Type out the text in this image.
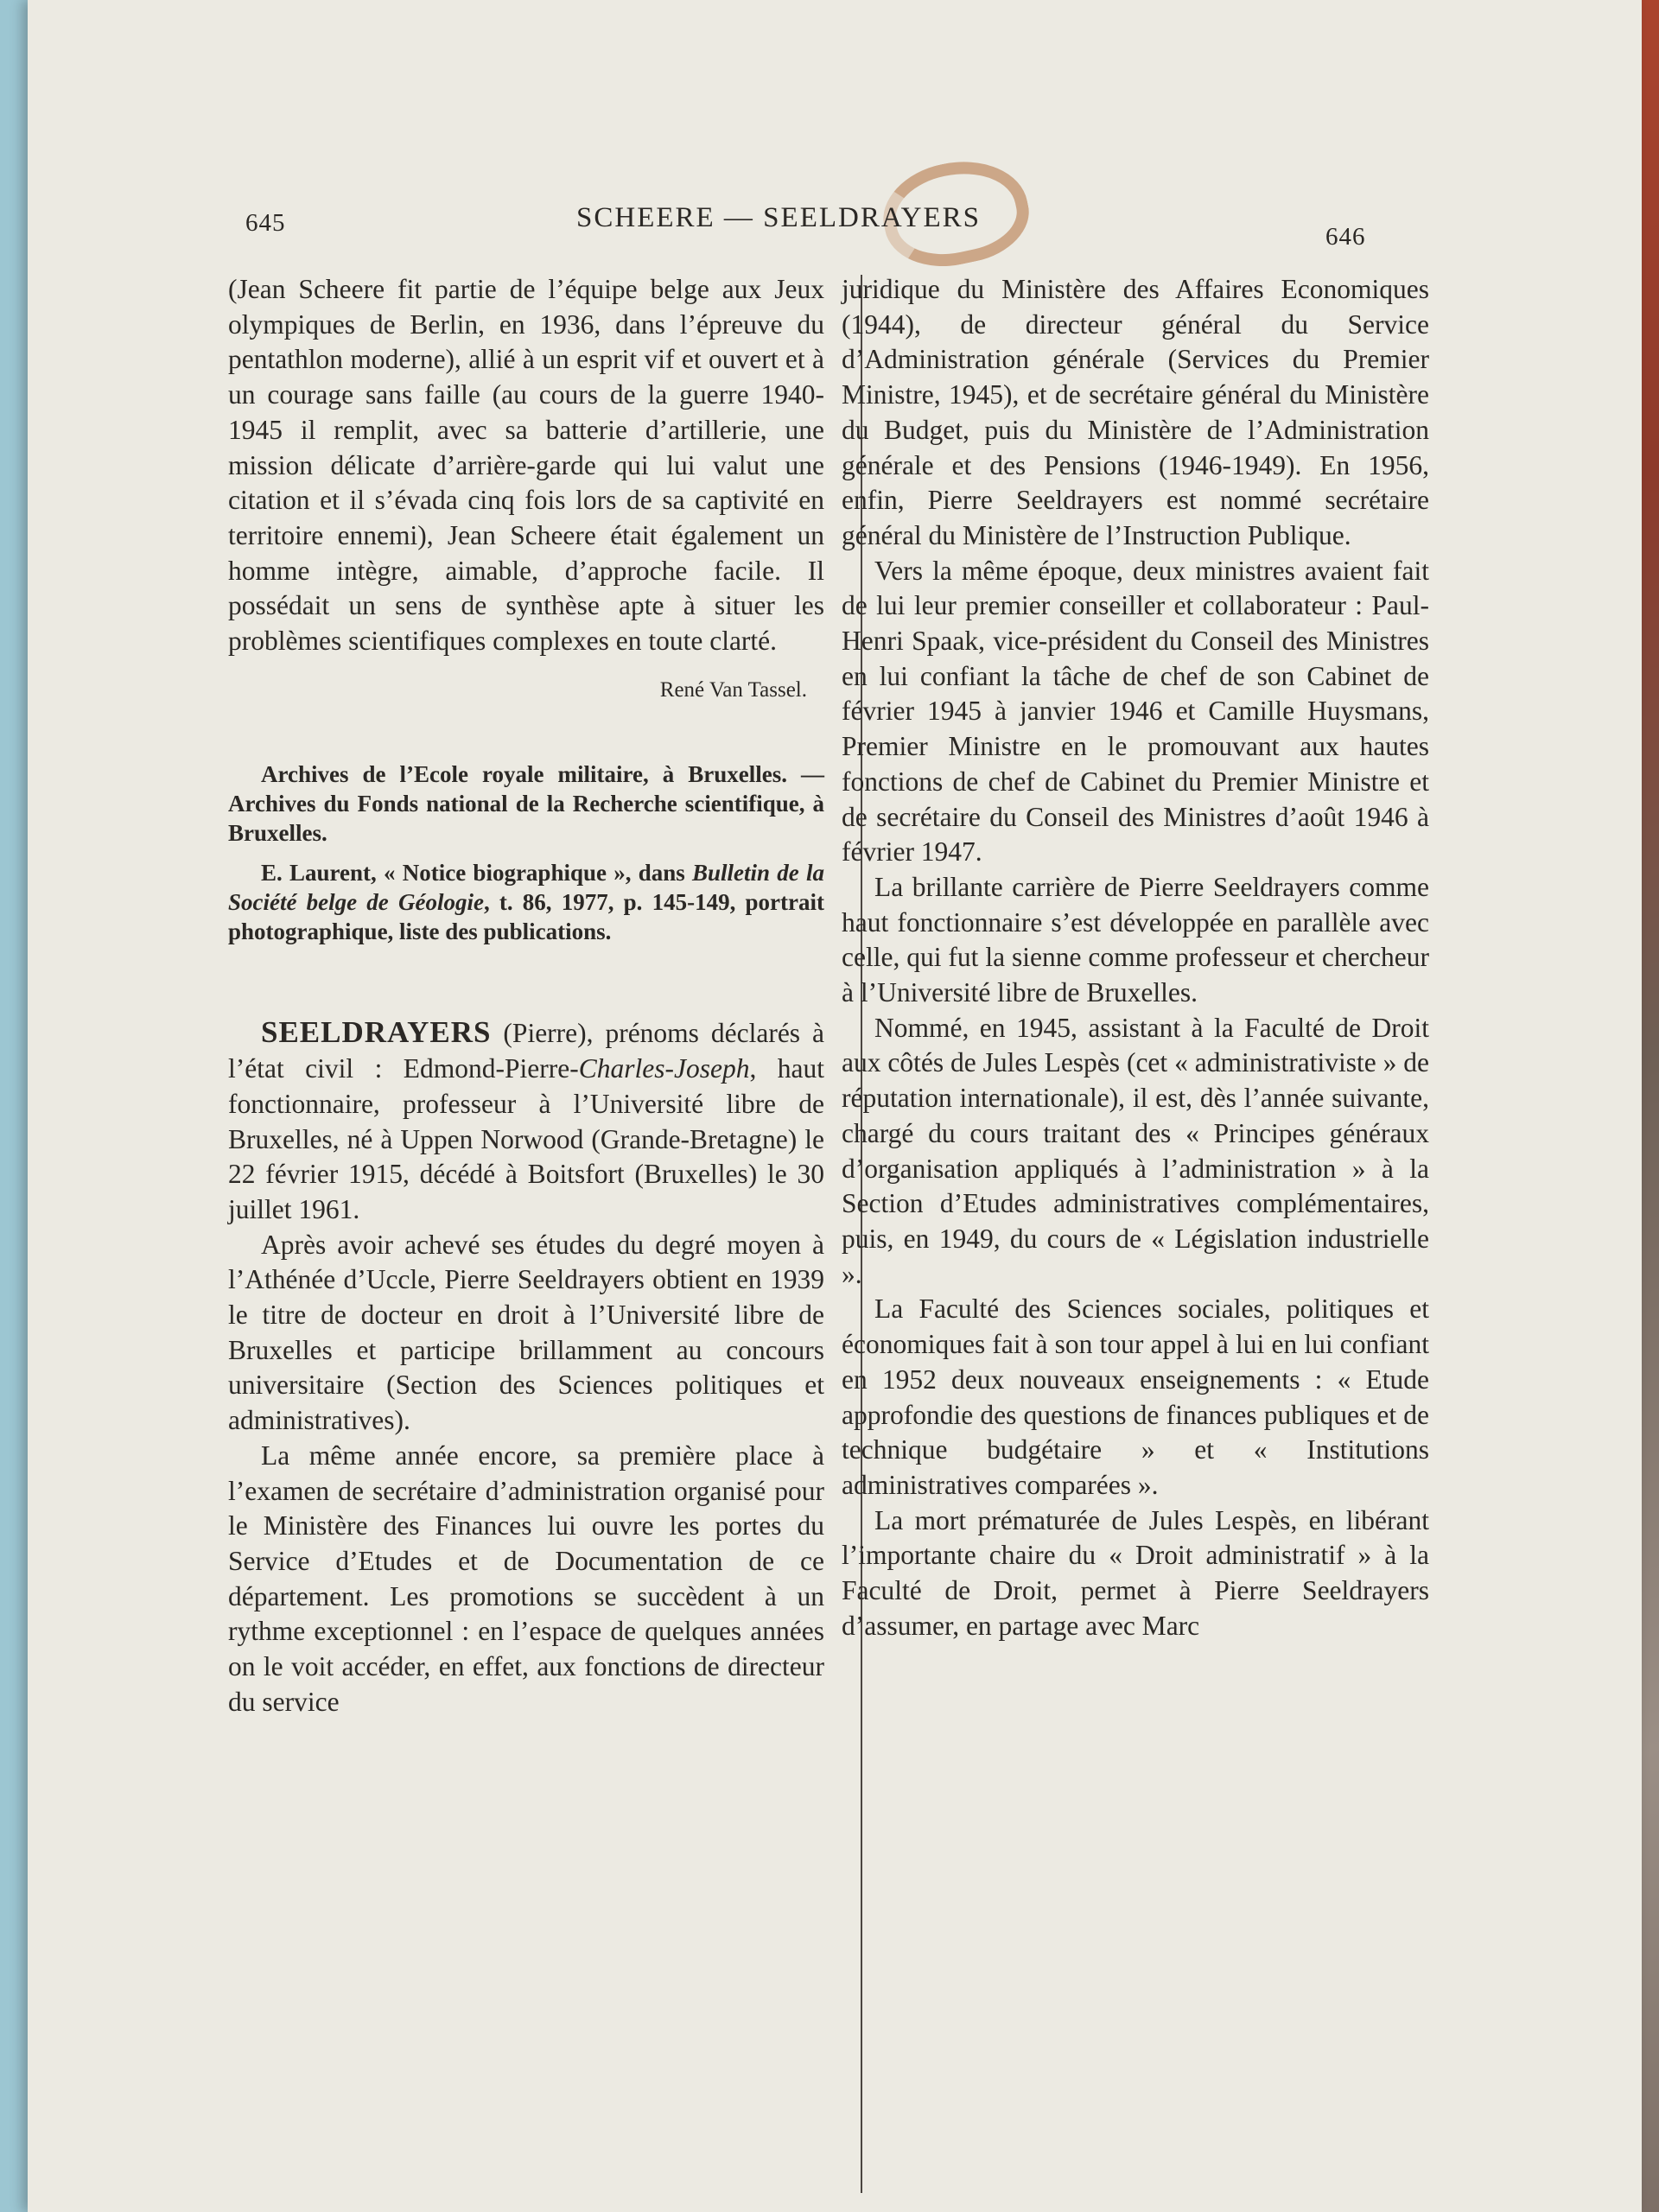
645	SCHEERE — SEELDRAYERS
646

(Jean Scheere fit partie de l’équipe belge aux Jeux olympiques de Berlin, en 1936, dans l’épreuve du pentathlon moderne), allié à un esprit vif et ouvert et à un courage sans faille (au cours de la guerre 1940-1945 il remplit, avec sa batterie d’artillerie, une mission délicate d’arrière-garde qui lui valut une citation et il s’évada cinq fois lors de sa captivité en territoire ennemi), Jean Scheere était également un homme intègre, aimable, d’approche facile. Il possédait un sens de synthèse apte à situer les problèmes scientifiques complexes en toute clarté.

René Van Tassel.

Archives de l’Ecole royale militaire, à Bruxelles. — Archives du Fonds national de la Recherche scientifique, à Bruxelles.

E. Laurent, « Notice biographique », dans Bulletin de la Société belge de Géologie, t. 86, 1977, p. 145-149, portrait photographique, liste des publications.

SEELDRAYERS (Pierre), prénoms déclarés à l’état civil : Edmond-Pierre-Charles-Joseph, haut fonctionnaire, professeur à l’Université libre de Bruxelles, né à Uppen Norwood (Grande-Bretagne) le 22 février 1915, décédé à Boitsfort (Bruxelles) le 30 juillet 1961.

Après avoir achevé ses études du degré moyen à l’Athénée d’Uccle, Pierre Seeldrayers obtient en 1939 le titre de docteur en droit à l’Université libre de Bruxelles et participe brillamment au concours universitaire (Section des Sciences politiques et administratives).

La même année encore, sa première place à l’examen de secrétaire d’administration organisé pour le Ministère des Finances lui ouvre les portes du Service d’Etudes et de Documentation de ce département. Les promotions se succèdent à un rythme exceptionnel : en l’espace de quelques années on le voit accéder, en effet, aux fonctions de directeur du service

juridique du Ministère des Affaires Economiques (1944), de directeur général du Service d’Administration générale (Services du Premier Ministre, 1945), et de secrétaire général du Ministère du Budget, puis du Ministère de l’Administration générale et des Pensions (1946-1949). En 1956, enfin, Pierre Seeldrayers est nommé secrétaire général du Ministère de l’Instruction Publique.

Vers la même époque, deux ministres avaient fait de lui leur premier conseiller et collaborateur : Paul-Henri Spaak, vice-président du Conseil des Ministres en lui confiant la tâche de chef de son Cabinet de février 1945 à janvier 1946 et Camille Huysmans, Premier Ministre en le promouvant aux hautes fonctions de chef de Cabinet du Premier Ministre et de secrétaire du Conseil des Ministres d’août 1946 à février 1947.

La brillante carrière de Pierre Seeldrayers comme haut fonctionnaire s’est développée en parallèle avec celle, qui fut la sienne comme professeur et chercheur à l’Université libre de Bruxelles.

Nommé, en 1945, assistant à la Faculté de Droit aux côtés de Jules Lespès (cet « administrativiste » de réputation internationale), il est, dès l’année suivante, chargé du cours traitant des « Principes généraux d’organisation appliqués à l’administration » à la Section d’Etudes administratives complémentaires, puis, en 1949, du cours de « Législation industrielle ».

La Faculté des Sciences sociales, politiques et économiques fait à son tour appel à lui en lui confiant en 1952 deux nouveaux enseignements : « Etude approfondie des questions de finances publiques et de technique budgétaire » et « Institutions administratives comparées ».

La mort prématurée de Jules Lespès, en libérant l’importante chaire du « Droit administratif » à la Faculté de Droit, permet à Pierre Seeldrayers d’assumer, en partage avec Marc
